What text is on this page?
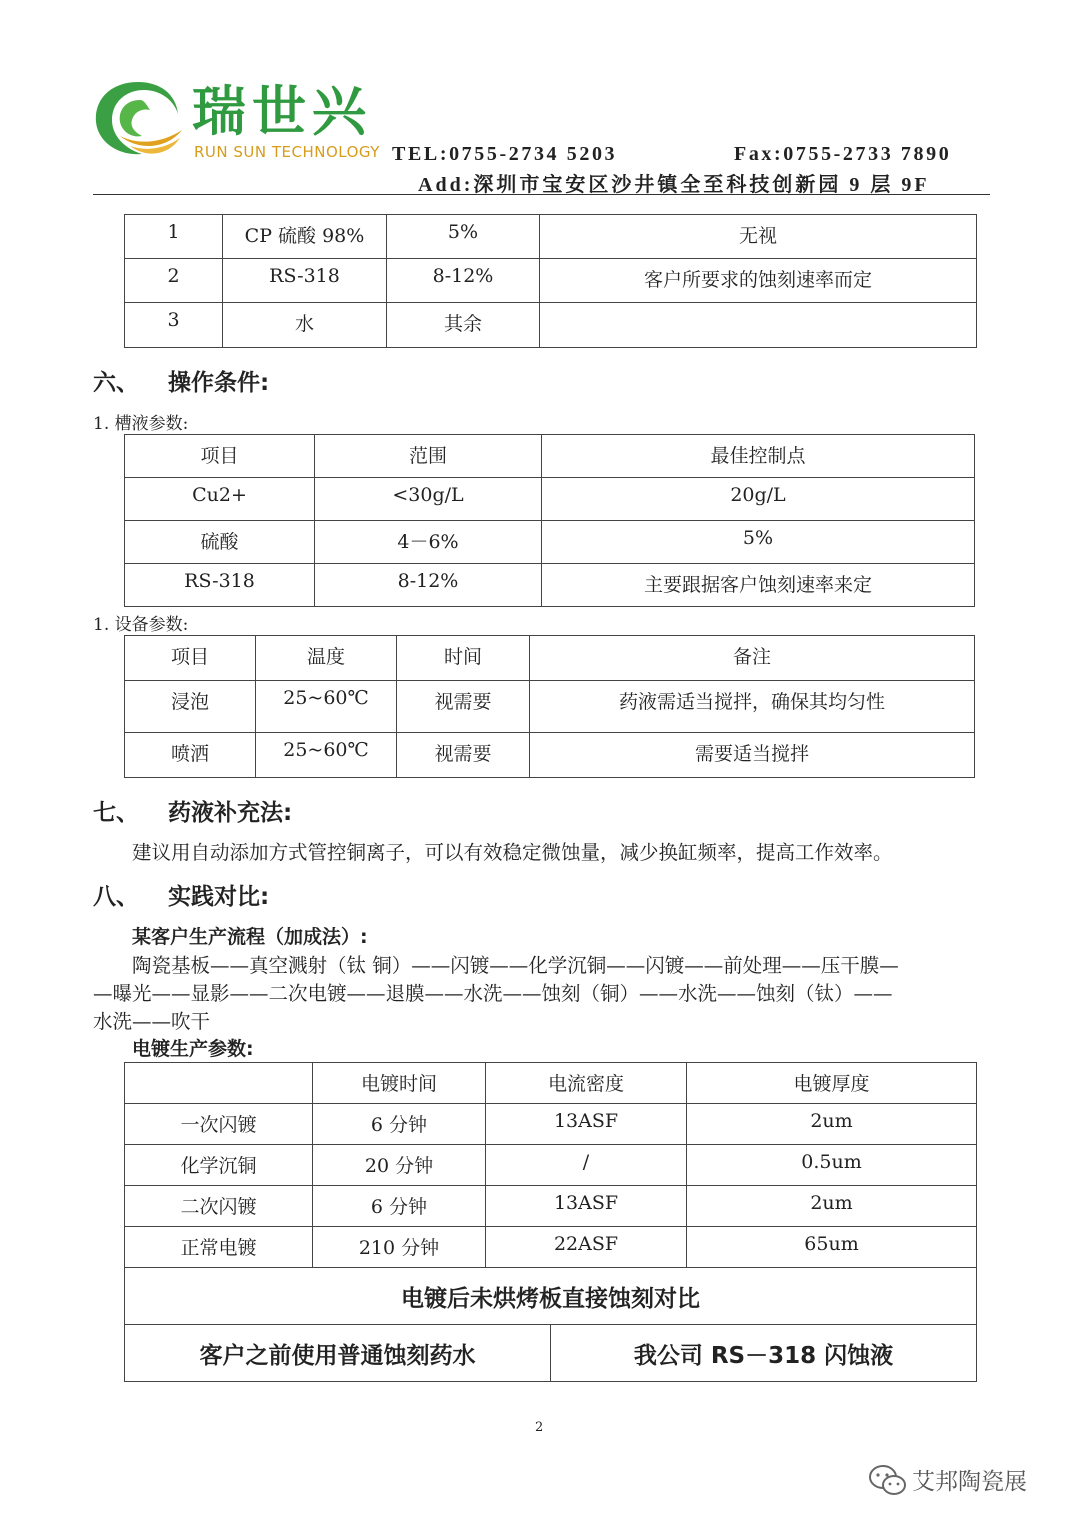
瑞世兴
RUN SUN TECHNOLOGY TEL:0755-2734 5203	Fax:0755-2733 7890
Add:深圳市宝安区沙井镇全至科技创新园 9 层 9F
1	CP 硫酸 98%	5%	无视
2	RS-318	8-12%	客户所要求的蚀刻速率而定
3	水	其余	
六、 操作条件:
1. 槽液参数:
项目	范围	最佳控制点
Cu2+	<30g/L	20g/L
硫酸	4－6%	5%
RS-318	8-12%	主要跟据客户蚀刻速率来定
1. 设备参数:
项目	温度	时间	备注
浸泡	25~60℃	视需要	药液需适当搅拌，确保其均匀性
喷洒	25~60℃	视需要	需要适当搅拌
七、 药液补充法:
建议用自动添加方式管控铜离子，可以有效稳定微蚀量，减少换缸频率，提高工作效率。
八、 实践对比:
某客户生产流程（加成法）:
陶瓷基板——真空溅射（钛 铜）——闪镀——化学沉铜——闪镀——前处理——压干膜—
—曝光——显影——二次电镀——退膜——水洗——蚀刻（铜）——水洗——蚀刻（钛）——
水洗——吹干
电镀生产参数:
	电镀时间	电流密度		电镀厚度
一次闪镀	6 分钟	13ASF		2um
化学沉铜	20 分钟	/		0.5um
二次闪镀	6 分钟	13ASF		2um
正常电镀	210 分钟	22ASF		65um
电镀后未烘烤板直接蚀刻对比				
客户之前使用普通蚀刻药水			我公司 RS－318 闪蚀液	
2
艾邦陶瓷展
